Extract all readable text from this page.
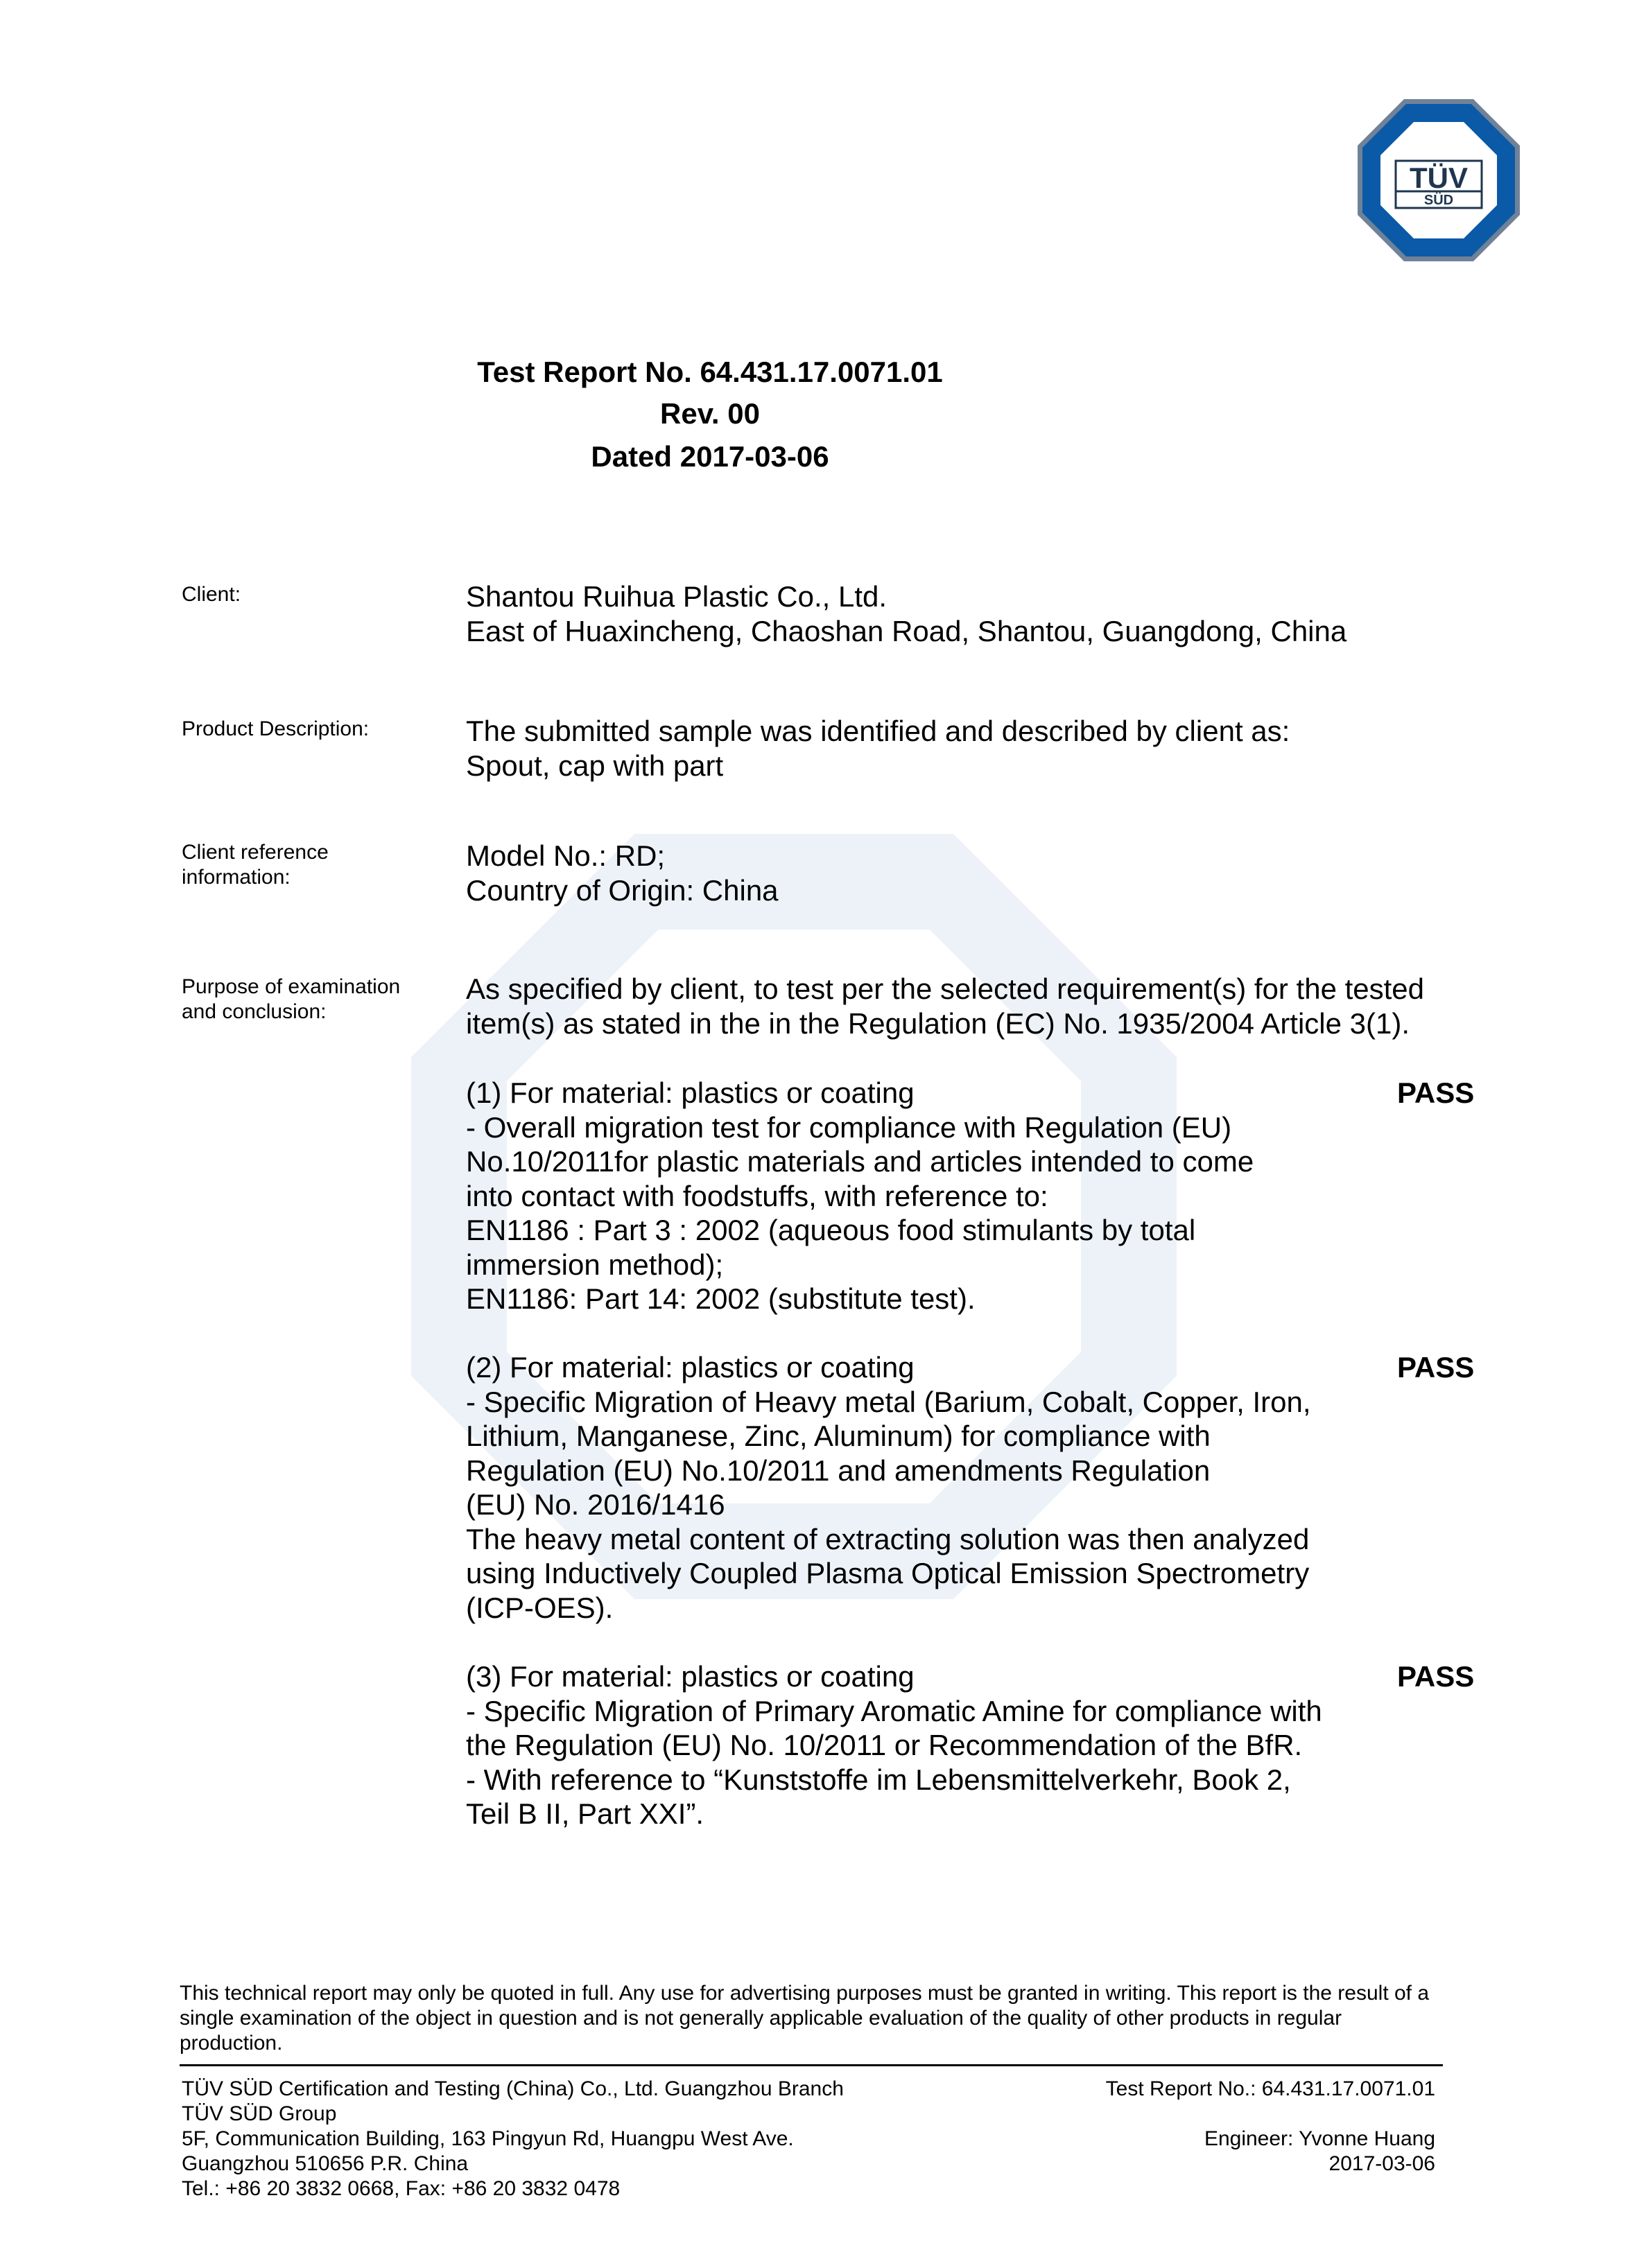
TÜV
SÜD
Test Report No. 64.431.17.0071.01
Rev. 00
Dated 2017-03-06
Client:	Shantou Ruihua Plastic Co., Ltd.
East of Huaxincheng, Chaoshan Road, Shantou, Guangdong, China
Product Description:	The submitted sample was identified and described by client as:
Spout, cap with part
Client reference
information:
Model No.: RD;
Country of Origin: China
Purpose of examination
and conclusion:
As specified by client, to test per the selected requirement(s) for the tested
item(s) as stated in the in the Regulation (EC) No. 1935/2004 Article 3(1).
(1) For material: plastics or coating
- Overall migration test for compliance with Regulation (EU)
No.10/2011for plastic materials and articles intended to come
into contact with foodstuffs, with reference to:
EN1186 : Part 3 : 2002 (aqueous food stimulants by total
immersion method);
EN1186: Part 14: 2002 (substitute test).
PASS
(2) For material: plastics or coating
- Specific Migration of Heavy metal (Barium, Cobalt, Copper, Iron,
Lithium, Manganese, Zinc, Aluminum) for compliance with
Regulation (EU) No.10/2011 and amendments Regulation
(EU) No. 2016/1416
The heavy metal content of extracting solution was then analyzed
using Inductively Coupled Plasma Optical Emission Spectrometry
(ICP-OES).
PASS
(3) For material: plastics or coating
- Specific Migration of Primary Aromatic Amine for compliance with
the Regulation (EU) No. 10/2011 or Recommendation of the BfR.
- With reference to “Kunststoffe im Lebensmittelverkehr, Book 2,
Teil B II, Part XXI”.
PASS
This technical report may only be quoted in full. Any use for advertising purposes must be granted in writing. This report is the result of a single examination of the object in question and is not generally applicable evaluation of the quality of other products in regular production.
TÜV SÜD Certification and Testing (China) Co., Ltd. Guangzhou Branch
TÜV SÜD Group
5F, Communication Building, 163 Pingyun Rd, Huangpu West Ave.
Guangzhou 510656 P.R. China
Tel.: +86 20 3832 0668, Fax: +86 20 3832 0478
Test Report No.: 64.431.17.0071.01
Engineer: Yvonne Huang
2017-03-06
